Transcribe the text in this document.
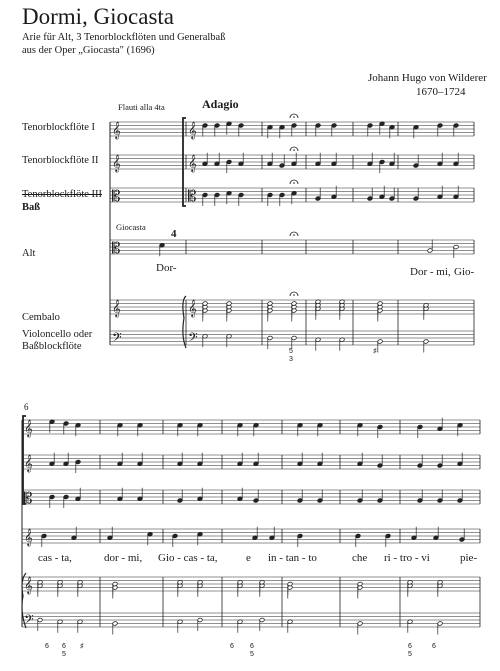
Dormi, Giocasta
Arie für Alt, 3 Tenorblockflöten und Generalbaß
aus der Oper „Giocasta" (1696)
Johann Hugo von Wilderer
1670–1724
Flauti alla 4ta	Adagio
Tenorblockflöte I
Tenorblockflöte II
Tenorblockflöte III
Baß
Giocasta
Alt
Cembalo
Violoncello oder
Baßblockflöte
4
Dor-	Dor - mi, Gio-
5
3
♯
6
cas - ta,	dor - mi, Gio - cas - ta,	e in - tan - to	che ri - tro - vi	pie-
6 6
5
♯	6 6
5
6
5
6
𝄞	𝄞
𝄞	𝄞
𝄡	𝄡
𝄡
𝄞	𝄞
𝄢	𝄢
𝄞
𝄞
𝄡
𝄞
𝄞
𝄢
